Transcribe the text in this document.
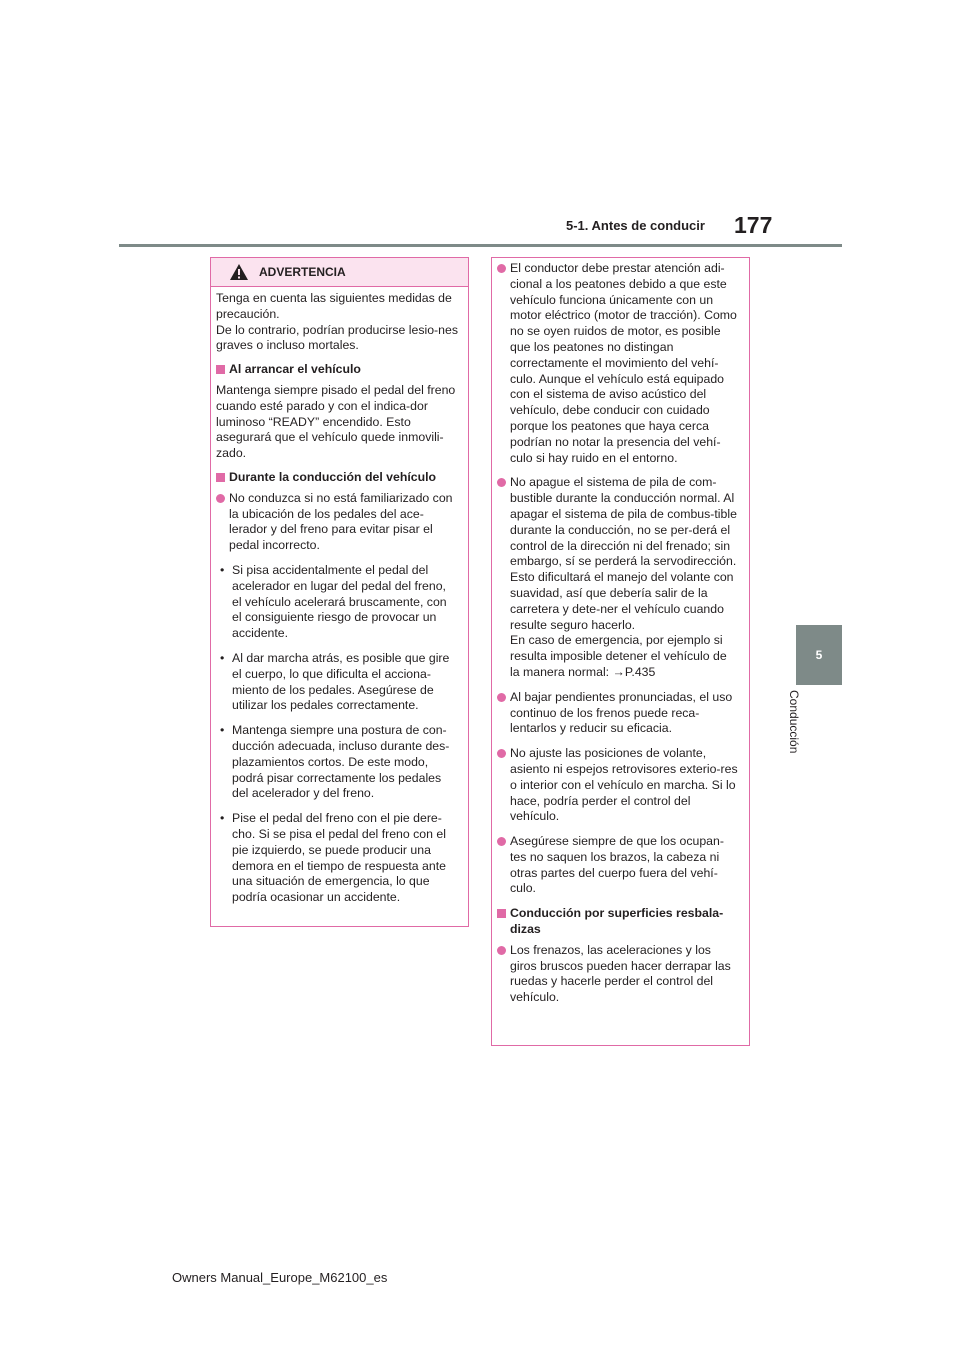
5-1. Antes de conducir 177
5
Conducción
ADVERTENCIA

Tenga en cuenta las siguientes medidas de precaución.
De lo contrario, podrían producirse lesio-nes graves o incluso mortales.

Al arrancar el vehículo

Mantenga siempre pisado el pedal del freno cuando esté parado y con el indica-dor luminoso “READY” encendido. Esto asegurará que el vehículo quede inmovili-zado.

Durante la conducción del vehículo

No conduzca si no está familiarizado con la ubicación de los pedales del ace-lerador y del freno para evitar pisar el pedal incorrecto.

• Si pisa accidentalmente el pedal del acelerador en lugar del pedal del freno, el vehículo acelerará bruscamente, con el consiguiente riesgo de provocar un accidente.

• Al dar marcha atrás, es posible que gire el cuerpo, lo que dificulta el acciona-miento de los pedales. Asegúrese de utilizar los pedales correctamente.

• Mantenga siempre una postura de con-ducción adecuada, incluso durante des-plazamientos cortos. De este modo, podrá pisar correctamente los pedales del acelerador y del freno.

• Pise el pedal del freno con el pie dere-cho. Si se pisa el pedal del freno con el pie izquierdo, se puede producir una demora en el tiempo de respuesta ante una situación de emergencia, lo que podría ocasionar un accidente.

El conductor debe prestar atención adi-cional a los peatones debido a que este vehículo funciona únicamente con un motor eléctrico (motor de tracción). Como no se oyen ruidos de motor, es posible que los peatones no distingan correctamente el movimiento del vehí-culo. Aunque el vehículo está equipado con el sistema de aviso acústico del vehículo, debe conducir con cuidado porque los peatones que haya cerca podrían no notar la presencia del vehí-culo si hay ruido en el entorno.

No apague el sistema de pila de com-bustible durante la conducción normal. Al apagar el sistema de pila de combus-tible durante la conducción, no se per-derá el control de la dirección ni del frenado; sin embargo, sí se perderá la servodirección. Esto dificultará el manejo del volante con suavidad, así que debería salir de la carretera y dete-ner el vehículo cuando resulte seguro hacerlo.
En caso de emergencia, por ejemplo si resulta imposible detener el vehículo de la manera normal: →P.435

Al bajar pendientes pronunciadas, el uso continuo de los frenos puede reca-lentarlos y reducir su eficacia.

No ajuste las posiciones de volante, asiento ni espejos retrovisores exterio-res o interior con el vehículo en marcha. Si lo hace, podría perder el control del vehículo.

Asegúrese siempre de que los ocupan-tes no saquen los brazos, la cabeza ni otras partes del cuerpo fuera del vehí-culo.

Conducción por superficies resbala-dizas

Los frenazos, las aceleraciones y los giros bruscos pueden hacer derrapar las ruedas y hacerle perder el control del vehículo.

Owners Manual_Europe_M62100_es
